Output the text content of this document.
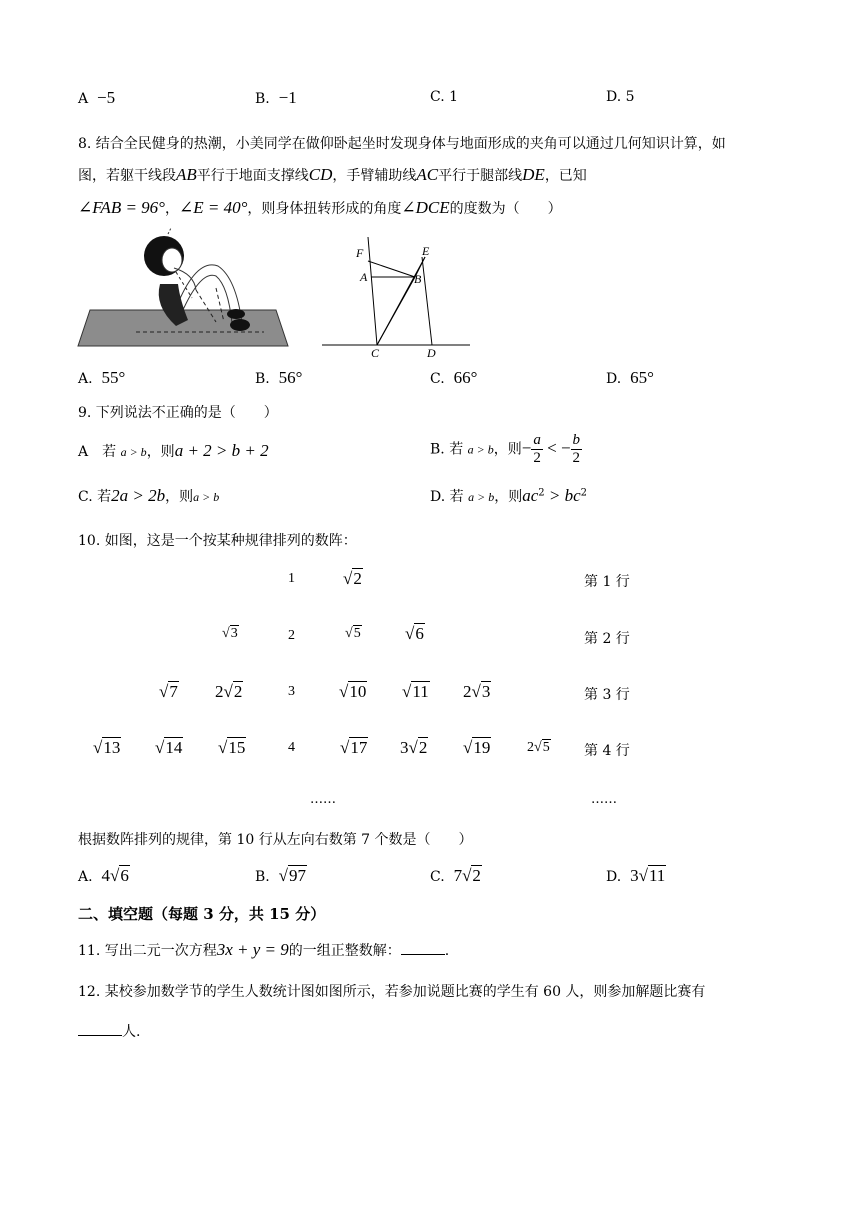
A −5	B. −1	C. 1	D. 5
8. 结合全民健身的热潮，小美同学在做仰卧起坐时发现身体与地面形成的夹角可以通过几何知识计算，如
图，若躯干线段AB平行于地面支撑线CD，手臂辅助线AC平行于腿部线DE，已知
∠FAB = 96°，∠E = 40°，则身体扭转形成的角度∠DCE的度数为（　　）
F	E
A	B
C	D
A. 55°	B. 56°	C. 66°	D. 65°
9. 下列说法不正确的是（　　）
A　若 a > b，则a + 2 > b + 2	B. 若 a > b，则− $\frac{a}{2}$ < − $\frac{b}{2}$
C. 若2a > 2b，则a > b	D. 若 a > b，则$ac^2 > bc^2$
10. 如图，这是一个按某种规律排列的数阵：
1	√2	第 1 行
√3	2	√5	√6	第 2 行
√7 2√2	3	√10 √11 2√3	第 3 行
√13 √14 √15	4	√17 3√2 √19	2√5 第 4 行
……	……
根据数阵排列的规律，第 10 行从左向右数第 7 个数是（　　）
A. 4√6	B. √97	C. 7√2	D. 3√11
二、填空题（每题 3 分，共 15 分）
11. 写出二元一次方程3x + y = 9的一组正整数解：	.
12. 某校参加数学节的学生人数统计图如图所示，若参加说题比赛的学生有 60 人，则参加解题比赛有
人.
